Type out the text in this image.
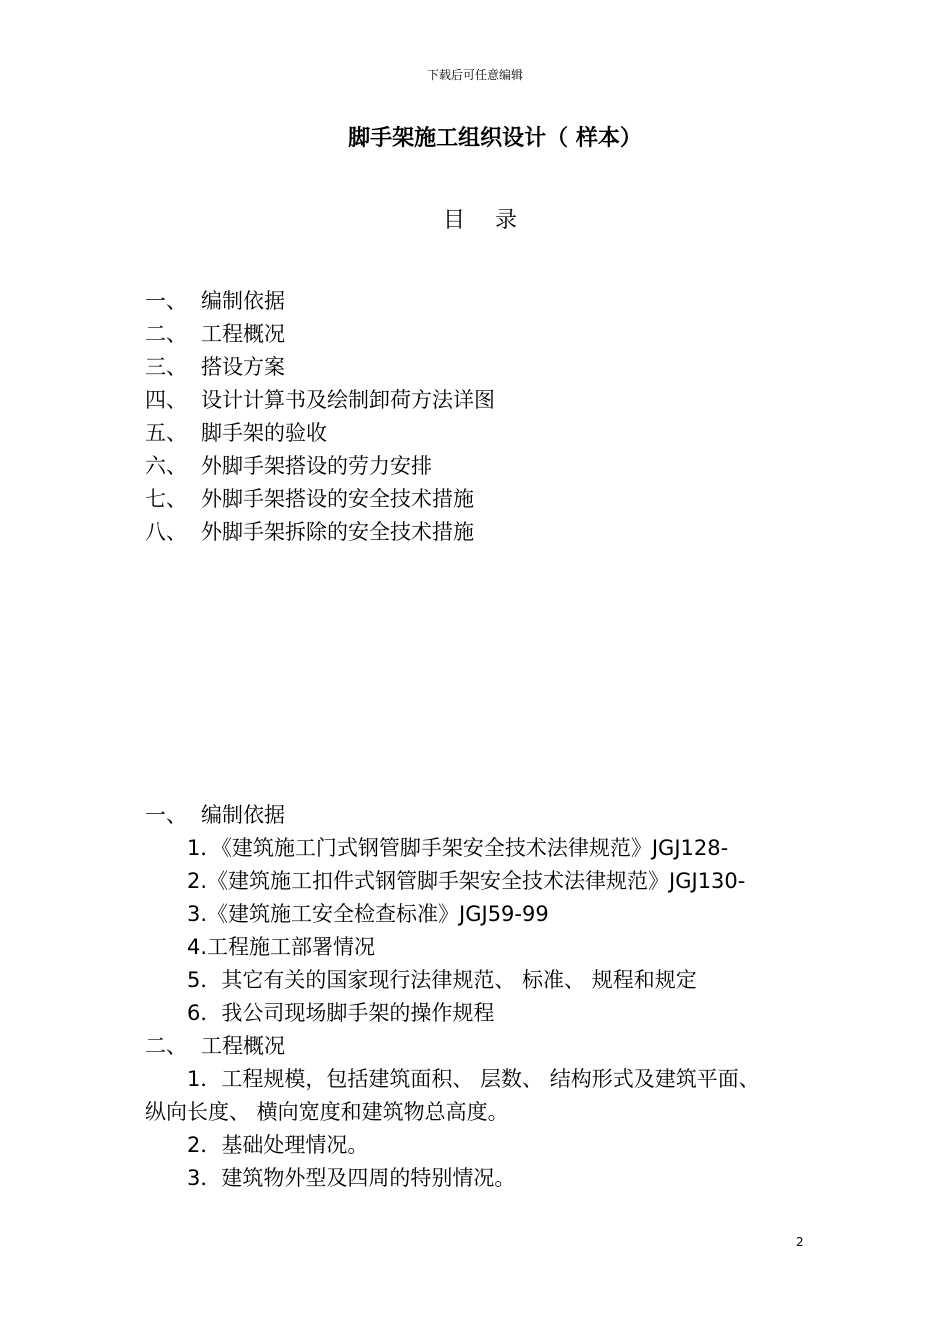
下载后可任意编辑
脚手架施工组织设计（ 样本）
目录
一、 编制依据
二、 工程概况
三、 搭设方案
四、 设计计算书及绘制卸荷方法详图
五、 脚手架的验收
六、 外脚手架搭设的劳力安排
七、 外脚手架搭设的安全技术措施
八、 外脚手架拆除的安全技术措施
一、 编制依据
1．《建筑施工门式钢管脚手架安全技术法律规范》JGJ128-
2.《建筑施工扣件式钢管脚手架安全技术法律规范》JGJ130-
3.《建筑施工安全检查标准》JGJ59-99
4.工程施工部署情况
5．其它有关的国家现行法律规范、 标准、 规程和规定
6．我公司现场脚手架的操作规程
二、 工程概况
1．工程规模，包括建筑面积、 层数、 结构形式及建筑平面、
纵向长度、 横向宽度和建筑物总高度。
2．基础处理情况。
3．建筑物外型及四周的特别情况。
2
